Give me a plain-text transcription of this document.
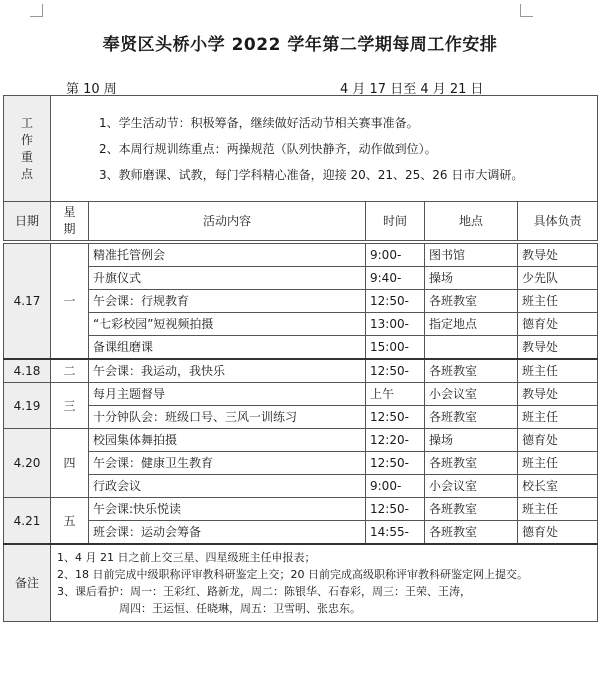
奉贤区头桥小学 2022 学年第二学期每周工作安排
第 10 周	4 月 17 日至 4 月 21 日
工作重点	1、学生活动节：积极筹备，继续做好活动节相关赛事准备。
2、本周行规训练重点：两操规范（队列快静齐，动作做到位）。
3、教师磨课、试教，每门学科精心准备，迎接 20、21、25、26 日市大调研。				

日期	星期	活动内容	时间	地点	具体负责

4.17	一	精准托管例会	9:00-	图书馆	教导处
		升旗仪式	9:40-	操场	少先队
		午会课：行规教育	12:50-	各班教室	班主任
		“七彩校园”短视频拍摄	13:00-	指定地点	德育处
		备课组磨课	15:00-		教导处
4.18	二	午会课：我运动，我快乐	12:50-	各班教室	班主任
4.19	三	每月主题督导	上午	小会议室	教导处
		十分钟队会：班级口号、三风一训练习	12:50-	各班教室	班主任
4.20	四	校园集体舞拍摄	12:20-	操场	德育处
		午会课：健康卫生教育	12:50-	各班教室	班主任
		行政会议	9:00-	小会议室	校长室
4.21	五	午会课:快乐悦读	12:50-	各班教室	班主任
		班会课：运动会筹备	14:55-	各班教室	德育处
备注	1、4 月 21 日之前上交三星、四星级班主任申报表；
2、18 日前完成中级职称评审教科研鉴定上交；20 日前完成高级职称评审教科研鉴定网上提交。
3、课后看护：周一：王彩红、路新龙，周二：陈银华、石春彩，周三：王荣、王涛，
周四：王运恒、任晓琳，周五：卫雪明、张忠东。				
